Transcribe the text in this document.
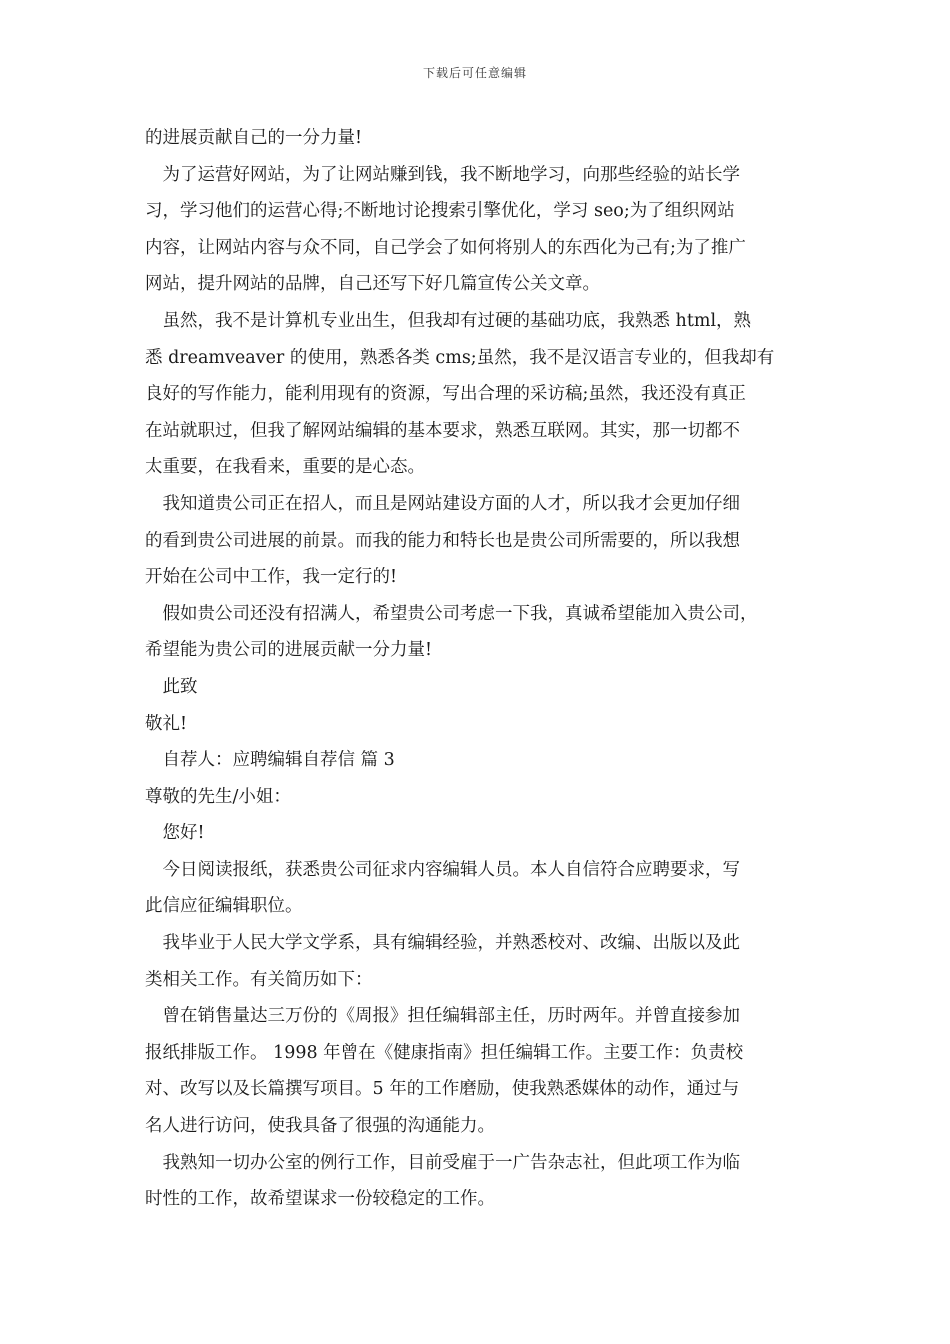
下载后可任意编辑
的进展贡献自己的一分力量!
　为了运营好网站，为了让网站赚到钱，我不断地学习，向那些经验的站长学
习，学习他们的运营心得;不断地讨论搜索引擎优化，学习 seo;为了组织网站
内容，让网站内容与众不同，自己学会了如何将别人的东西化为己有;为了推广
网站，提升网站的品牌，自己还写下好几篇宣传公关文章。
　虽然，我不是计算机专业出生，但我却有过硬的基础功底，我熟悉 html，熟
悉 dreamveaver 的使用，熟悉各类 cms;虽然，我不是汉语言专业的，但我却有
良好的写作能力，能利用现有的资源，写出合理的采访稿;虽然，我还没有真正
在站就职过，但我了解网站编辑的基本要求，熟悉互联网。其实，那一切都不
太重要，在我看来，重要的是心态。
　我知道贵公司正在招人，而且是网站建设方面的人才，所以我才会更加仔细
的看到贵公司进展的前景。而我的能力和特长也是贵公司所需要的，所以我想
开始在公司中工作，我一定行的!
　假如贵公司还没有招满人，希望贵公司考虑一下我，真诚希望能加入贵公司，
希望能为贵公司的进展贡献一分力量!
　此致
敬礼!
　自荐人：应聘编辑自荐信 篇 3
尊敬的先生/小姐：
　您好!
　今日阅读报纸，获悉贵公司征求内容编辑人员。本人自信符合应聘要求，写
此信应征编辑职位。
　我毕业于人民大学文学系，具有编辑经验，并熟悉校对、改编、出版以及此
类相关工作。有关简历如下：
　曾在销售量达三万份的《周报》担任编辑部主任，历时两年。并曾直接参加
报纸排版工作。 1998 年曾在《健康指南》担任编辑工作。主要工作：负责校
对、改写以及长篇撰写项目。5 年的工作磨励，使我熟悉媒体的动作，通过与
名人进行访问，使我具备了很强的沟通能力。
　我熟知一切办公室的例行工作，目前受雇于一广告杂志社，但此项工作为临
时性的工作，故希望谋求一份较稳定的工作。
